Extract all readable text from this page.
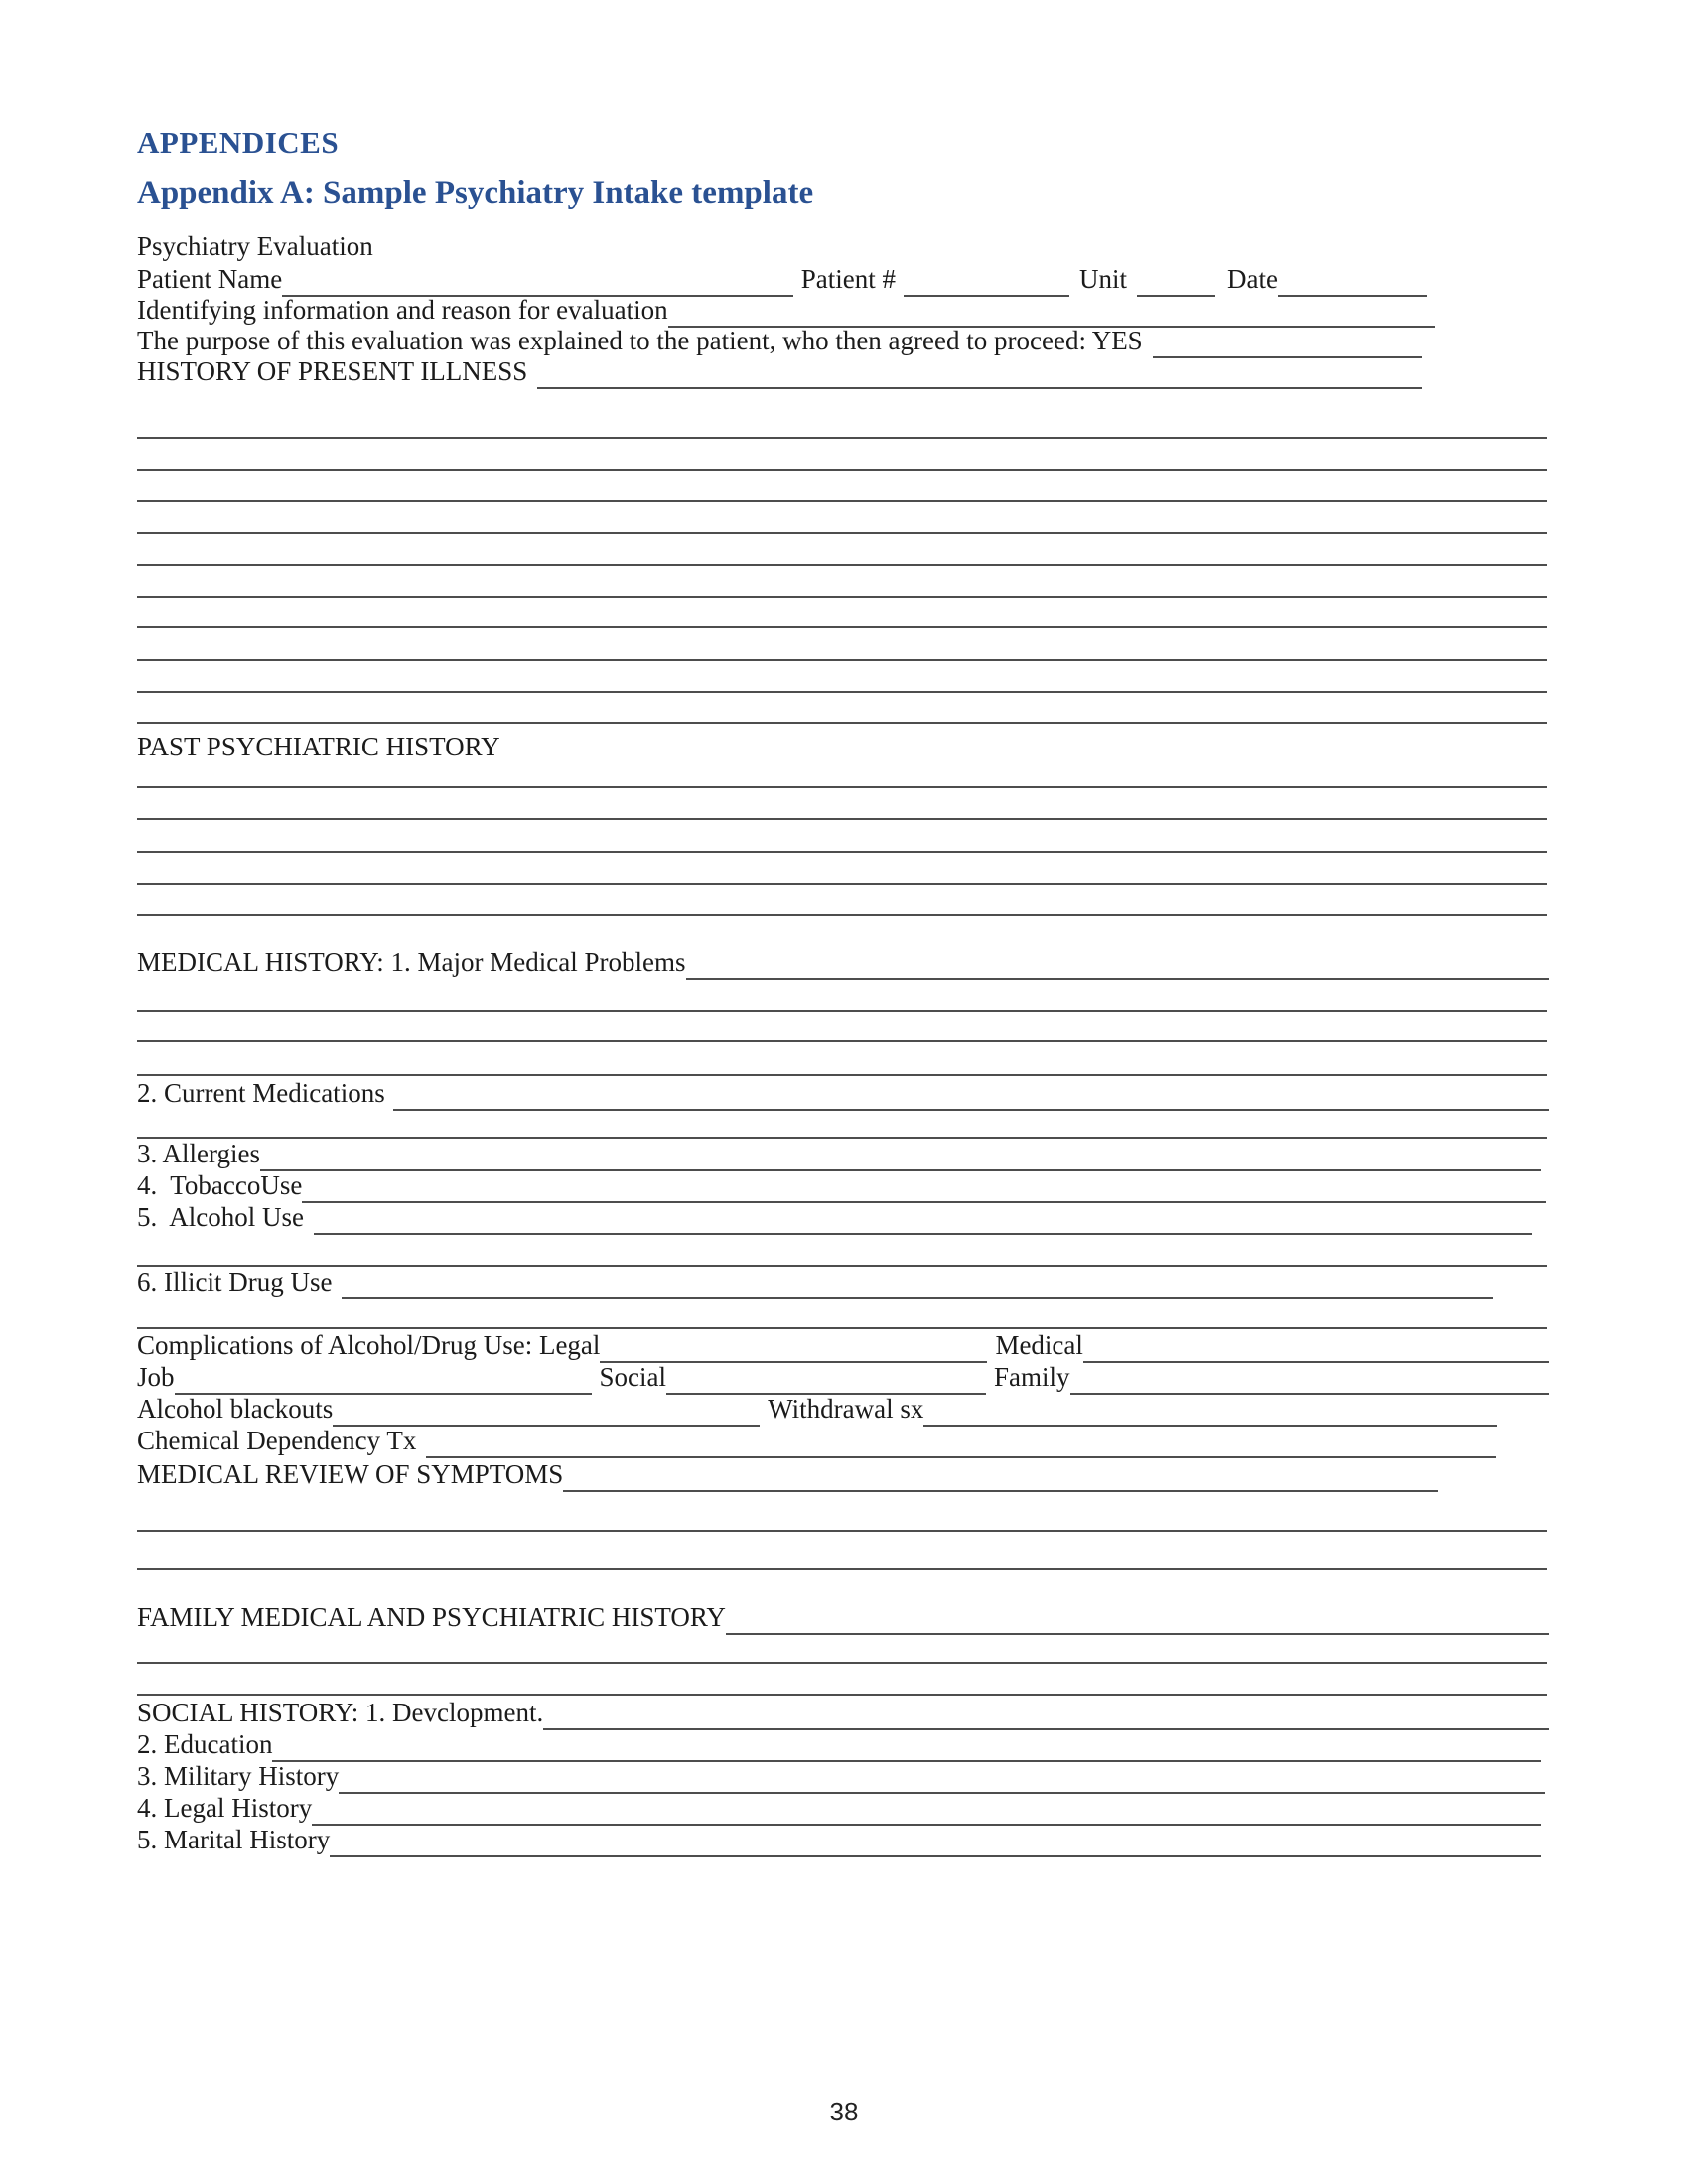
APPENDICES
Appendix A: Sample Psychiatry Intake template
Psychiatry Evaluation
Patient Name	Patient #	Unit	Date
Identifying information and reason for evaluation
The purpose of this evaluation was explained to the patient, who then agreed to proceed: YES
HISTORY OF PRESENT ILLNESS
PAST PSYCHIATRIC HISTORY
MEDICAL HISTORY: 1. Major Medical Problems
2. Current Medications
3. Allergies
4.  TobaccoUse
5.  Alcohol Use
6. Illicit Drug Use
Complications of Alcohol/Drug Use: Legal	Medical
Job	Social	Family
Alcohol blackouts	Withdrawal sx
Chemical Dependency Tx
MEDICAL REVIEW OF SYMPTOMS
FAMILY MEDICAL AND PSYCHIATRIC HISTORY
SOCIAL HISTORY: 1. Devclopment.
2. Education
3. Military History
4. Legal History
5. Marital History
38
